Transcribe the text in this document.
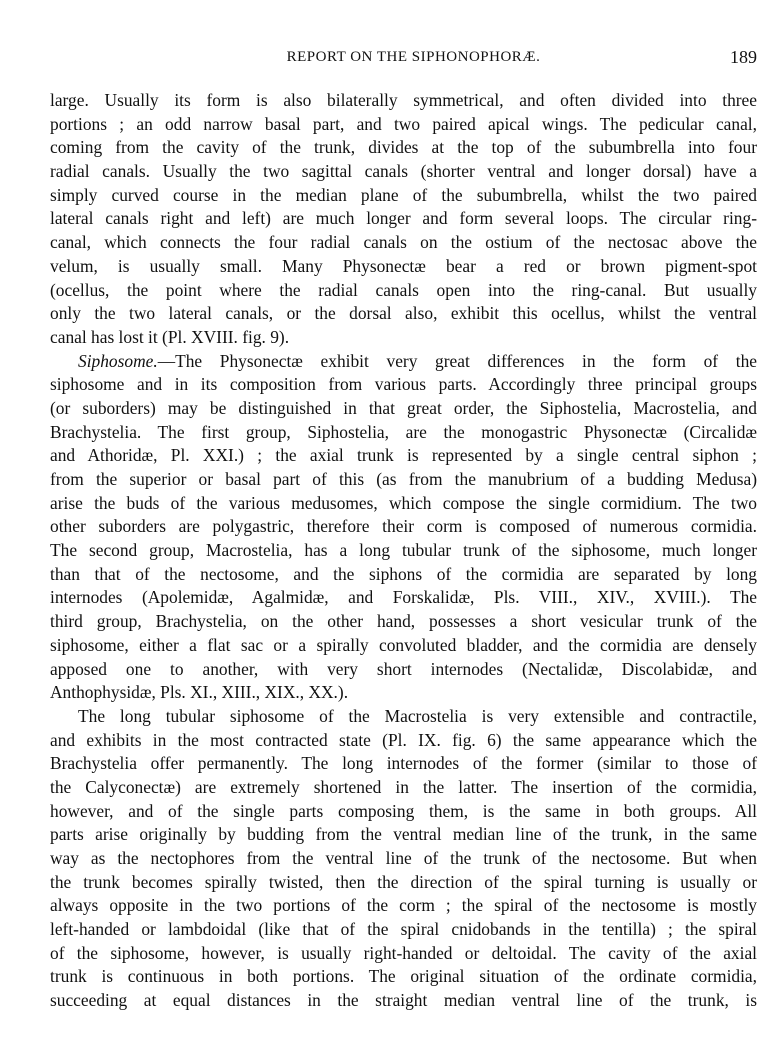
REPORT ON THE SIPHONOPHORÆ.	189
large. Usually its form is also bilaterally symmetrical, and often divided into three
portions ; an odd narrow basal part, and two paired apical wings. The pedicular canal,
coming from the cavity of the trunk, divides at the top of the subumbrella into four
radial canals. Usually the two sagittal canals (shorter ventral and longer dorsal) have a
simply curved course in the median plane of the subumbrella, whilst the two paired
lateral canals right and left) are much longer and form several loops. The circular ring-
canal, which connects the four radial canals on the ostium of the nectosac above the
velum, is usually small. Many Physonectæ bear a red or brown pigment-spot
(ocellus, the point where the radial canals open into the ring-canal. But usually
only the two lateral canals, or the dorsal also, exhibit this ocellus, whilst the ventral
canal has lost it (Pl. XVIII. fig. 9).
Siphosome.—The Physonectæ exhibit very great differences in the form of the
siphosome and in its composition from various parts. Accordingly three principal groups
(or suborders) may be distinguished in that great order, the Siphostelia, Macrostelia, and
Brachystelia. The first group, Siphostelia, are the monogastric Physonectæ (Circalidæ
and Athoridæ, Pl. XXI.) ; the axial trunk is represented by a single central siphon ;
from the superior or basal part of this (as from the manubrium of a budding Medusa)
arise the buds of the various medusomes, which compose the single cormidium. The two
other suborders are polygastric, therefore their corm is composed of numerous cormidia.
The second group, Macrostelia, has a long tubular trunk of the siphosome, much longer
than that of the nectosome, and the siphons of the cormidia are separated by long
internodes (Apolemidæ, Agalmidæ, and Forskalidæ, Pls. VIII., XIV., XVIII.). The
third group, Brachystelia, on the other hand, possesses a short vesicular trunk of the
siphosome, either a flat sac or a spirally convoluted bladder, and the cormidia are densely
apposed one to another, with very short internodes (Nectalidæ, Discolabidæ, and
Anthophysidæ, Pls. XI., XIII., XIX., XX.).
The long tubular siphosome of the Macrostelia is very extensible and contractile,
and exhibits in the most contracted state (Pl. IX. fig. 6) the same appearance which the
Brachystelia offer permanently. The long internodes of the former (similar to those of
the Calyconectæ) are extremely shortened in the latter. The insertion of the cormidia,
however, and of the single parts composing them, is the same in both groups. All
parts arise originally by budding from the ventral median line of the trunk, in the same
way as the nectophores from the ventral line of the trunk of the nectosome. But when
the trunk becomes spirally twisted, then the direction of the spiral turning is usually or
always opposite in the two portions of the corm ; the spiral of the nectosome is mostly
left-handed or lambdoidal (like that of the spiral cnidobands in the tentilla) ; the spiral
of the siphosome, however, is usually right-handed or deltoidal. The cavity of the axial
trunk is continuous in both portions. The original situation of the ordinate cormidia,
succeeding at equal distances in the straight median ventral line of the trunk, is
